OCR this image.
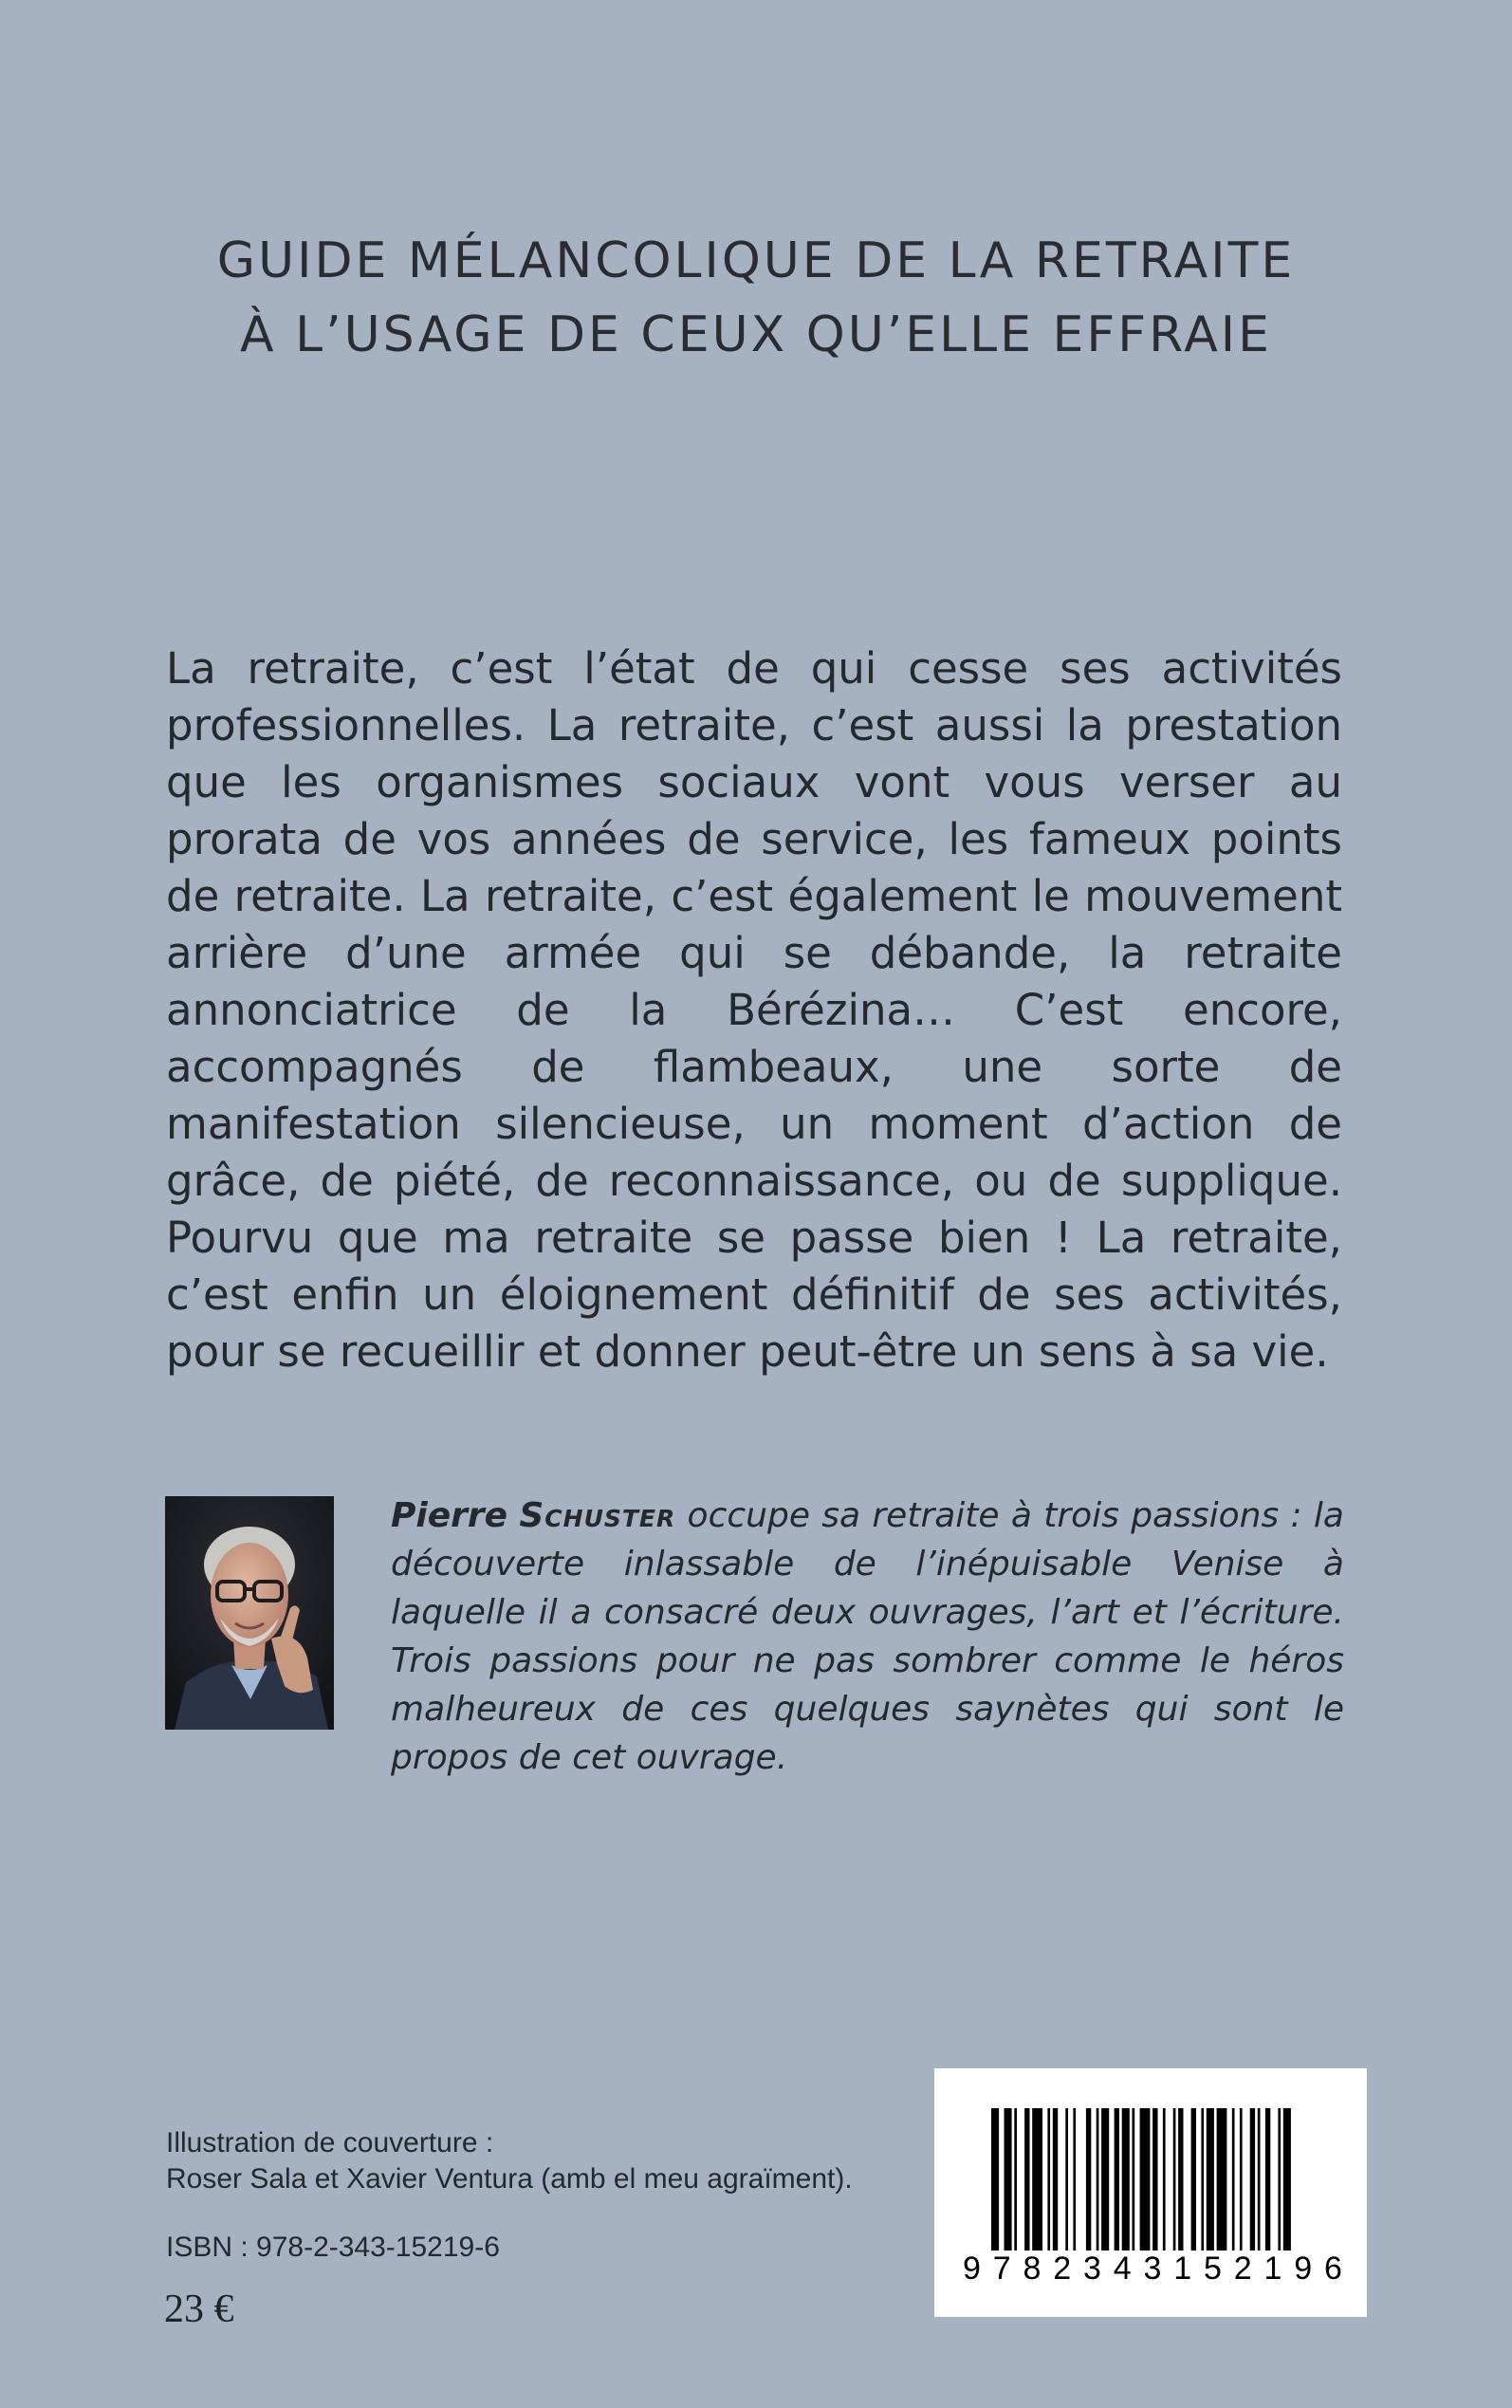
GUIDE MÉLANCOLIQUE DE LA RETRAITE
À L’USAGE DE CEUX QU’ELLE EFFRAIE

La retraite, c’est l’état de qui cesse ses activités professionnelles. La retraite, c’est aussi la prestation que les organismes sociaux vont vous verser au prorata de vos années de service, les fameux points de retraite. La retraite, c’est également le mouvement arrière d’une armée qui se débande, la retraite annonciatrice de la Bérézina… C’est encore, accompagnés de flambeaux, une sorte de manifestation silencieuse, un moment d’action de grâce, de piété, de reconnaissance, ou de supplique. Pourvu que ma retraite se passe bien ! La retraite, c’est enfin un éloignement définitif de ses activités, pour se recueillir et donner peut-être un sens à sa vie.

Pierre Schuster occupe sa retraite à trois passions : la découverte inlassable de l’inépuisable Venise à laquelle il a consacré deux ouvrages, l’art et l’écriture. Trois passions pour ne pas sombrer comme le héros malheureux de ces quelques saynètes qui sont le propos de cet ouvrage.

Illustration de couverture :
Roser Sala et Xavier Ventura (amb el meu agraïment).
ISBN : 978-2-343-15219-6
23 €
9 7 8 2 3 4 3 1 5 2 1 9 6
